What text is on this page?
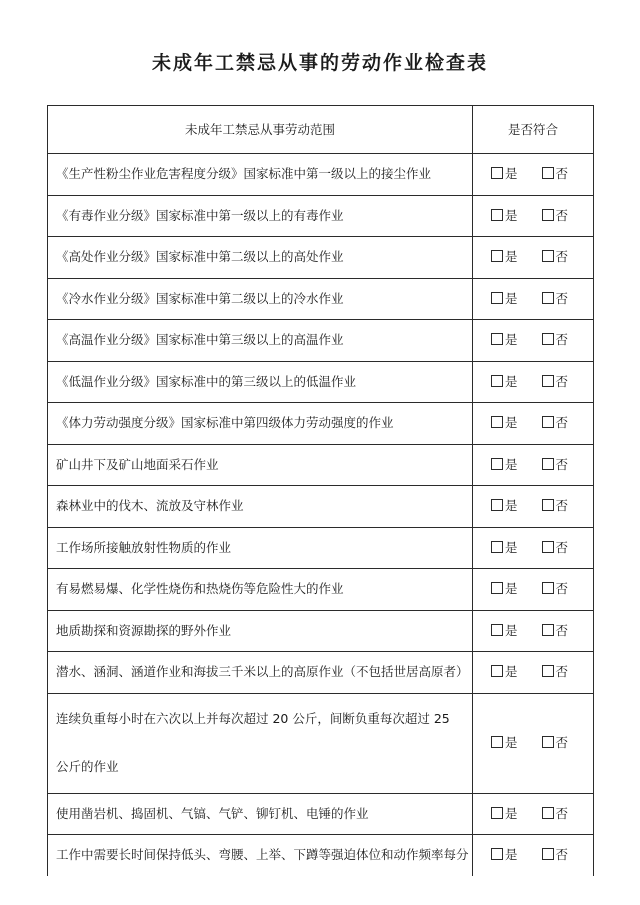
未成年工禁忌从事的劳动作业检查表
未成年工禁忌从事劳动范围	是否符合
《生产性粉尘作业危害程度分级》国家标准中第一级以上的接尘作业	是 否
《有毒作业分级》国家标准中第一级以上的有毒作业	是 否
《高处作业分级》国家标准中第二级以上的高处作业	是 否
《冷水作业分级》国家标准中第二级以上的冷水作业	是 否
《高温作业分级》国家标准中第三级以上的高温作业	是 否
《低温作业分级》国家标准中的第三级以上的低温作业	是 否
《体力劳动强度分级》国家标准中第四级体力劳动强度的作业	是 否
矿山井下及矿山地面采石作业	是 否
森林业中的伐木、流放及守林作业	是 否
工作场所接触放射性物质的作业	是 否
有易燃易爆、化学性烧伤和热烧伤等危险性大的作业	是 否
地质勘探和资源勘探的野外作业	是 否
潜水、涵洞、涵道作业和海拔三千米以上的高原作业（不包括世居高原者）	是 否
连续负重每小时在六次以上并每次超过 20 公斤，间断负重每次超过 25 公斤的作业	是 否
使用凿岩机、捣固机、气镐、气铲、铆钉机、电锤的作业	是 否
工作中需要长时间保持低头、弯腰、上举、下蹲等强迫体位和动作频率每分	是 否
